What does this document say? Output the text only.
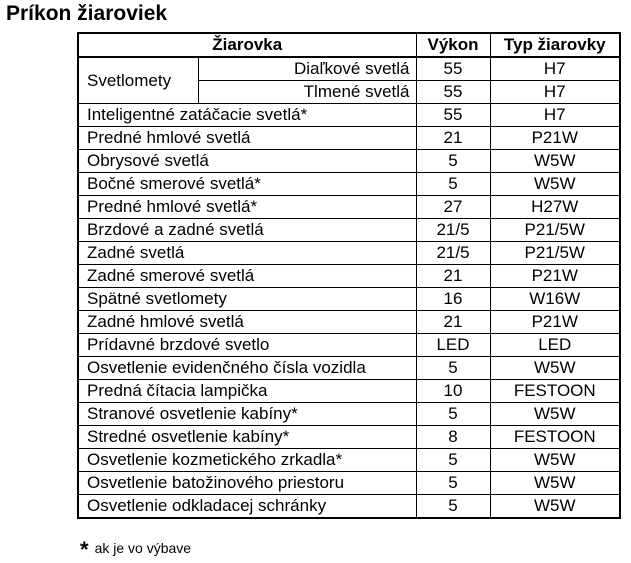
Príkon žiaroviek
Žiarovka		Výkon	Typ žiarovky
Svetlomety	Diaľkové svetlá	55	H7
	Tlmené svetlá	55	H7
Inteligentné zatáčacie svetlá*		55	H7
Predné hmlové svetlá		21	P21W
Obrysové svetlá		5	W5W
Bočné smerové svetlá*		5	W5W
Predné hmlové svetlá*		27	H27W
Brzdové a zadné svetlá		21/5	P21/5W
Zadné svetlá		21/5	P21/5W
Zadné smerové svetlá		21	P21W
Spätné svetlomety		16	W16W
Zadné hmlové svetlá		21	P21W
Prídavné brzdové svetlo		LED	LED
Osvetlenie evidenčného čísla vozidla		5	W5W
Predná čítacia lampička		10	FESTOON
Stranové osvetlenie kabíny*		5	W5W
Stredné osvetlenie kabíny*		8	FESTOON
Osvetlenie kozmetického zrkadla*		5	W5W
Osvetlenie batožinového priestoru		5	W5W
Osvetlenie odkladacej schránky		5	W5W
* ak je vo výbave
